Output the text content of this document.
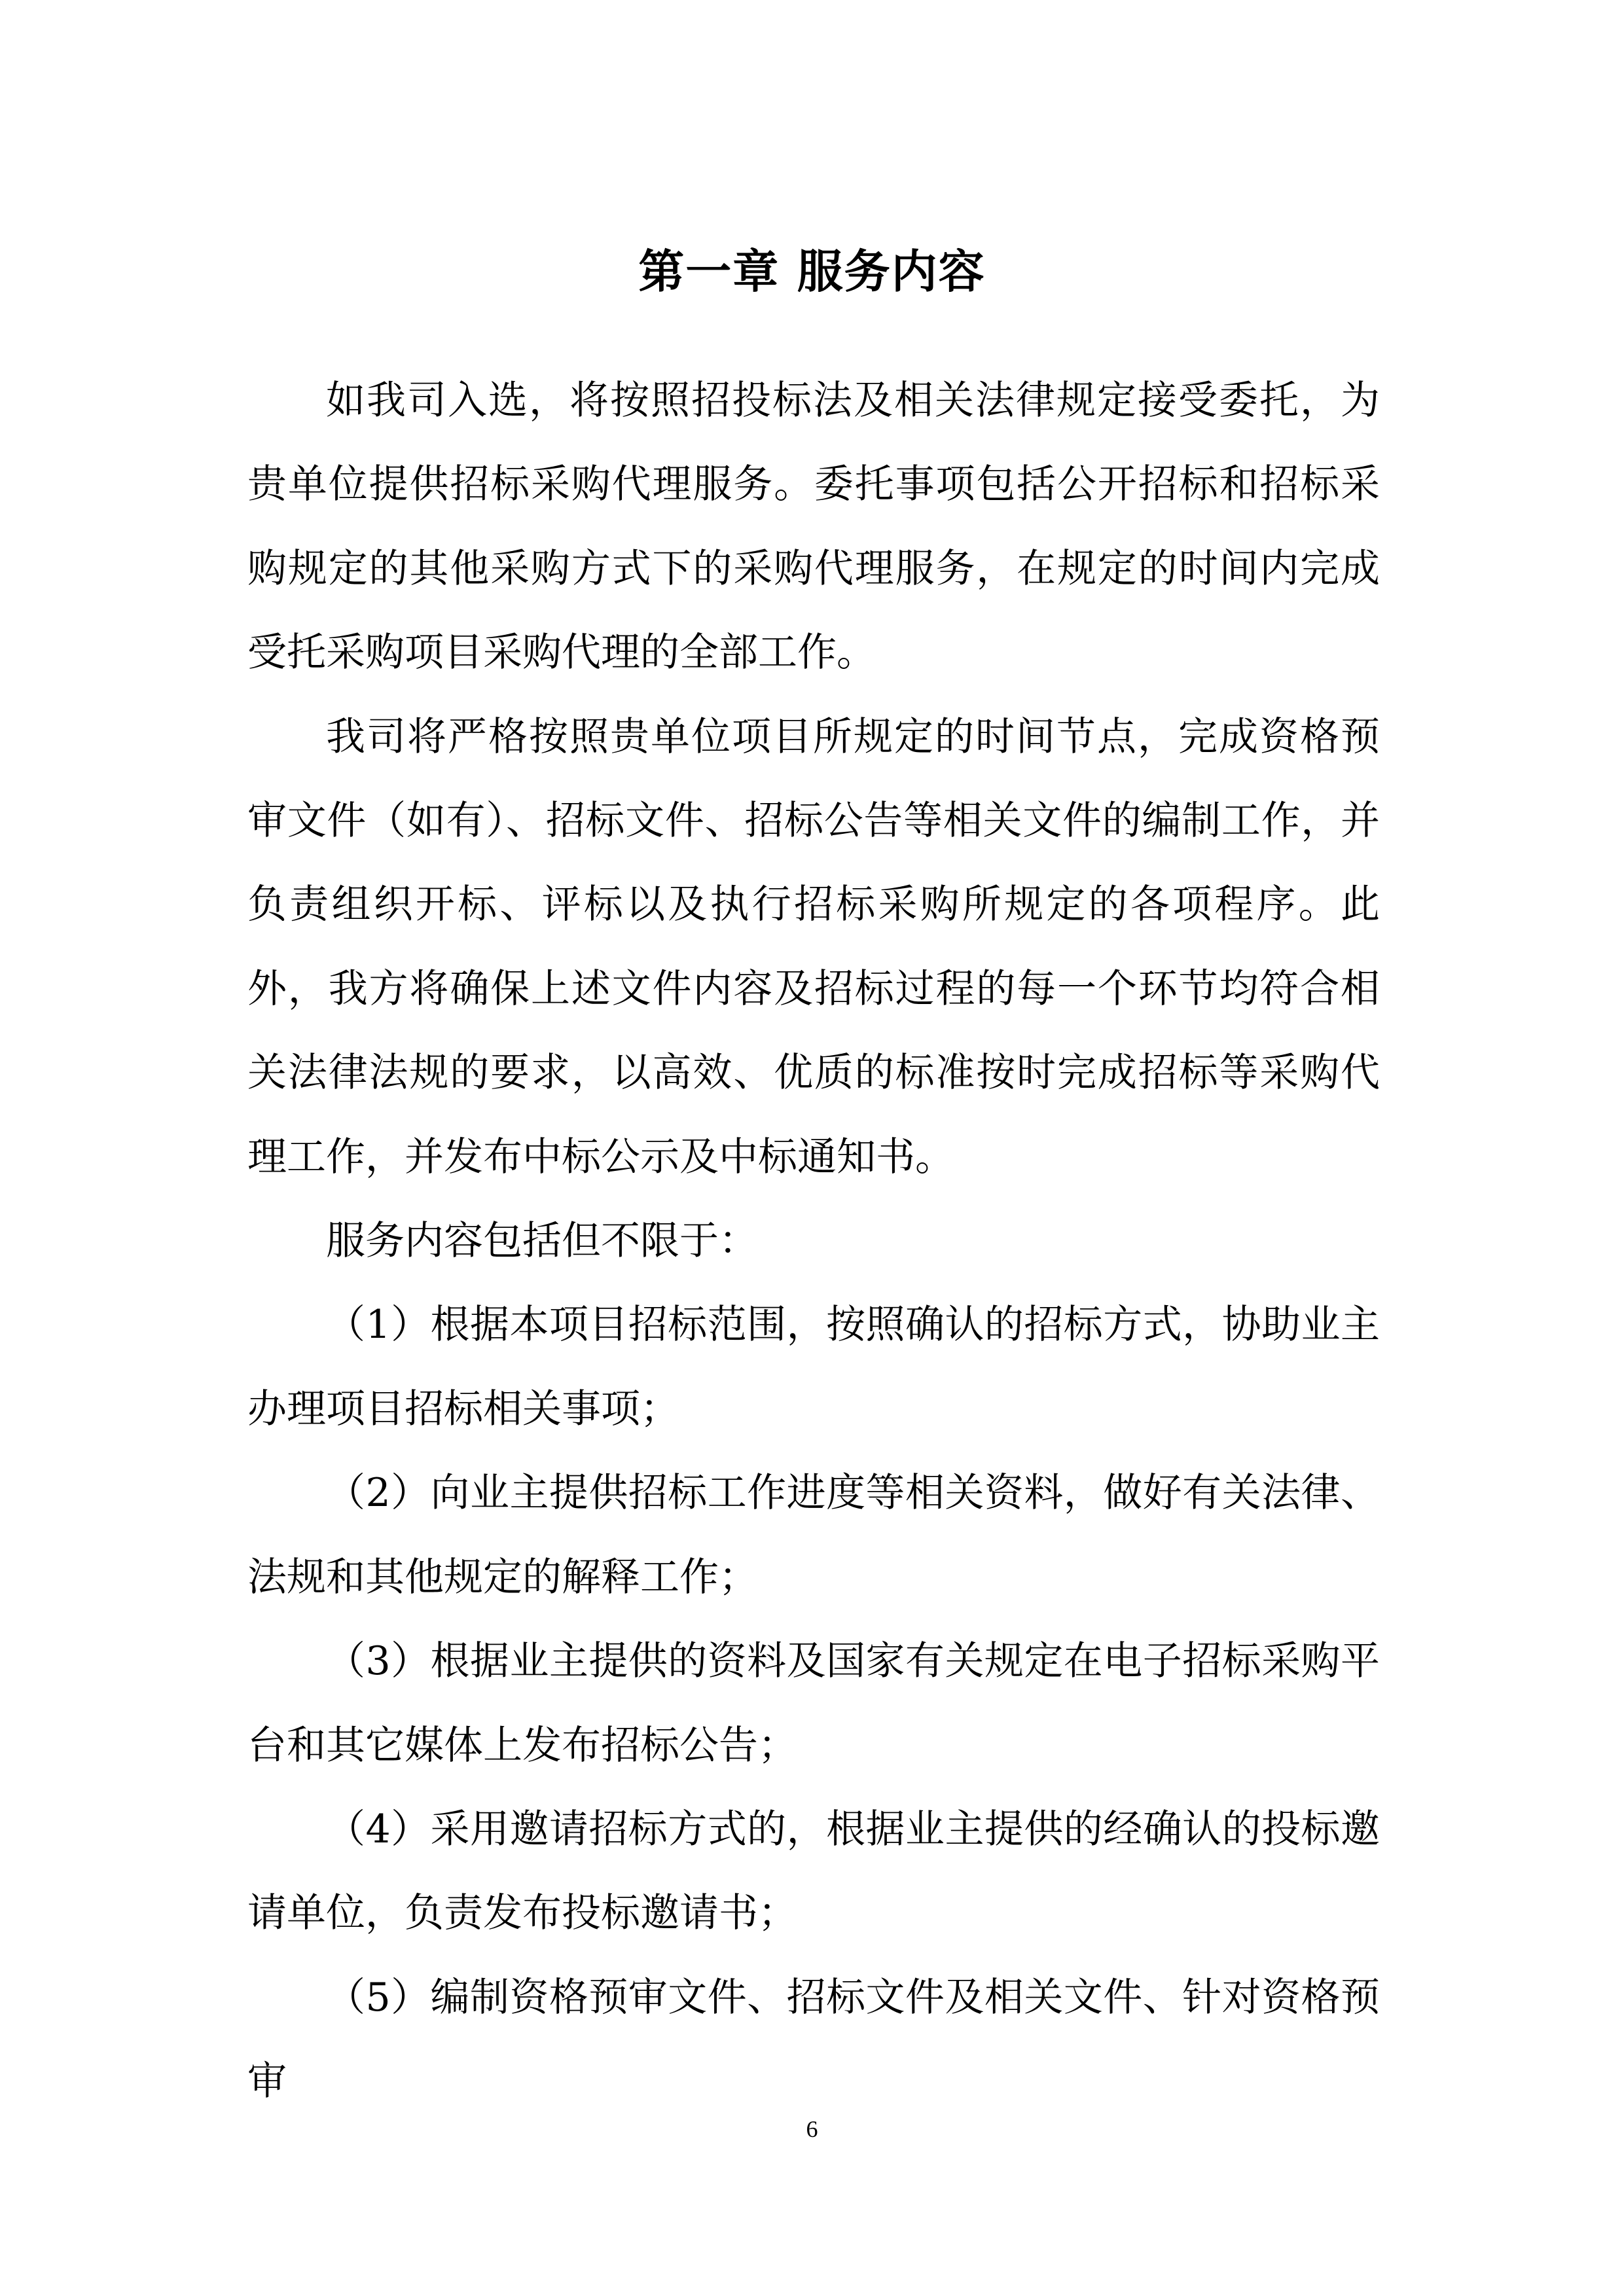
第一章 服务内容

如我司入选，将按照招投标法及相关法律规定接受委托，为贵单位提供招标采购代理服务。委托事项包括公开招标和招标采购规定的其他采购方式下的采购代理服务，在规定的时间内完成受托采购项目采购代理的全部工作。

我司将严格按照贵单位项目所规定的时间节点，完成资格预审文件（如有）、招标文件、招标公告等相关文件的编制工作，并负责组织开标、评标以及执行招标采购所规定的各项程序。此外，我方将确保上述文件内容及招标过程的每一个环节均符合相关法律法规的要求，以高效、优质的标准按时完成招标等采购代理工作，并发布中标公示及中标通知书。

服务内容包括但不限于：

（1）根据本项目招标范围，按照确认的招标方式，协助业主办理项目招标相关事项；

（2）向业主提供招标工作进度等相关资料，做好有关法律、法规和其他规定的解释工作；

（3）根据业主提供的资料及国家有关规定在电子招标采购平台和其它媒体上发布招标公告；

（4）采用邀请招标方式的，根据业主提供的经确认的投标邀请单位，负责发布投标邀请书；

（5）编制资格预审文件、招标文件及相关文件、针对资格预审

6
